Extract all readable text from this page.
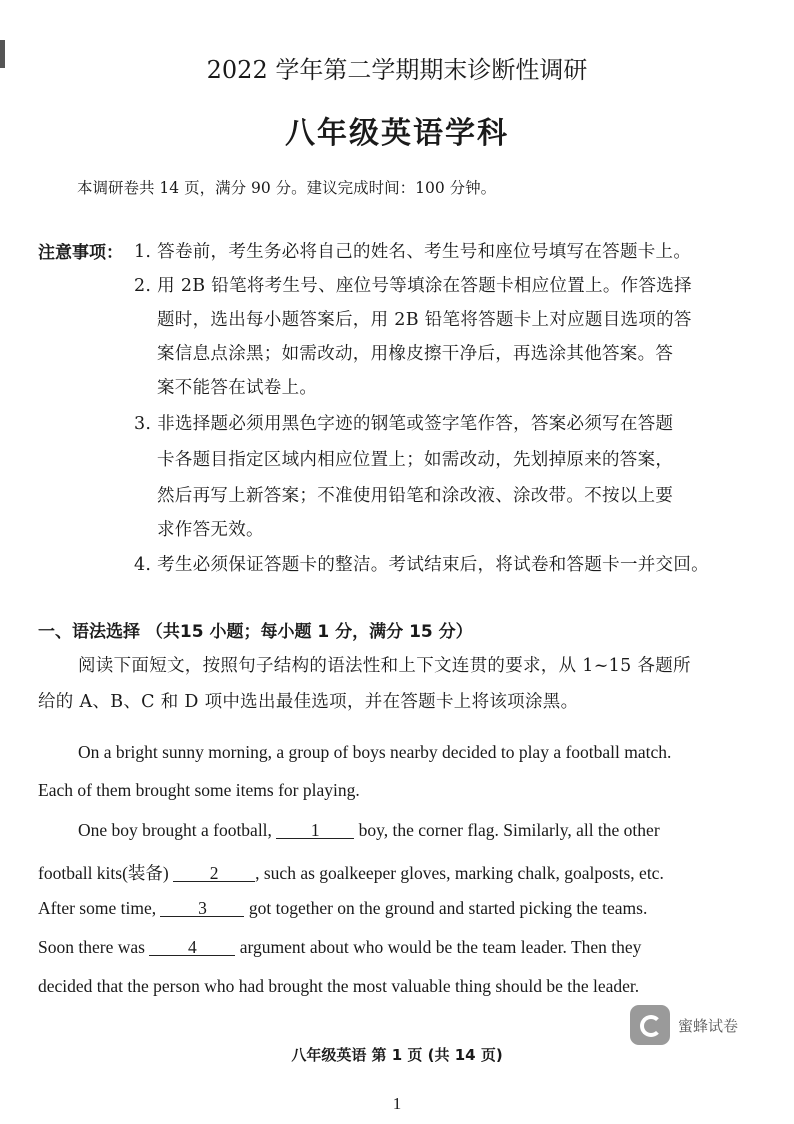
2022 学年第二学期期末诊断性调研
八年级英语学科
本调研卷共 14 页，满分 90 分。建议完成时间：100 分钟。
注意事项： 1. 答卷前，考生务必将自己的姓名、考生号和座位号填写在答题卡上。
2. 用 2B 铅笔将考生号、座位号等填涂在答题卡相应位置上。作答选择
题时，选出每小题答案后，用 2B 铅笔将答题卡上对应题目选项的答
案信息点涂黑；如需改动，用橡皮擦干净后，再选涂其他答案。答
案不能答在试卷上。
3. 非选择题必须用黑色字迹的钢笔或签字笔作答，答案必须写在答题
卡各题目指定区域内相应位置上；如需改动，先划掉原来的答案，
然后再写上新答案；不准使用铅笔和涂改液、涂改带。不按以上要
求作答无效。
4. 考生必须保证答题卡的整洁。考试结束后，将试卷和答题卡一并交回。
一、语法选择 （共15 小题；每小题 1 分，满分 15 分）
阅读下面短文，按照句子结构的语法性和上下文连贯的要求，从 1~15 各题所
给的 A、B、C 和 D 项中选出最佳选项，并在答题卡上将该项涂黑。
On a bright sunny morning, a group of boys nearby decided to play a football match.
Each of them brought some items for playing.
One boy brought a football, 1 boy, the corner flag. Similarly, all the other
football kits(装备) 2 , such as goalkeeper gloves, marking chalk, goalposts, etc.
After some time, 3 got together on the ground and started picking the teams.
Soon there was 4 argument about who would be the team leader. Then they
decided that the person who had brought the most valuable thing should be the leader.
蜜蜂试卷
八年级英语 第 1 页 (共 14 页)
1
